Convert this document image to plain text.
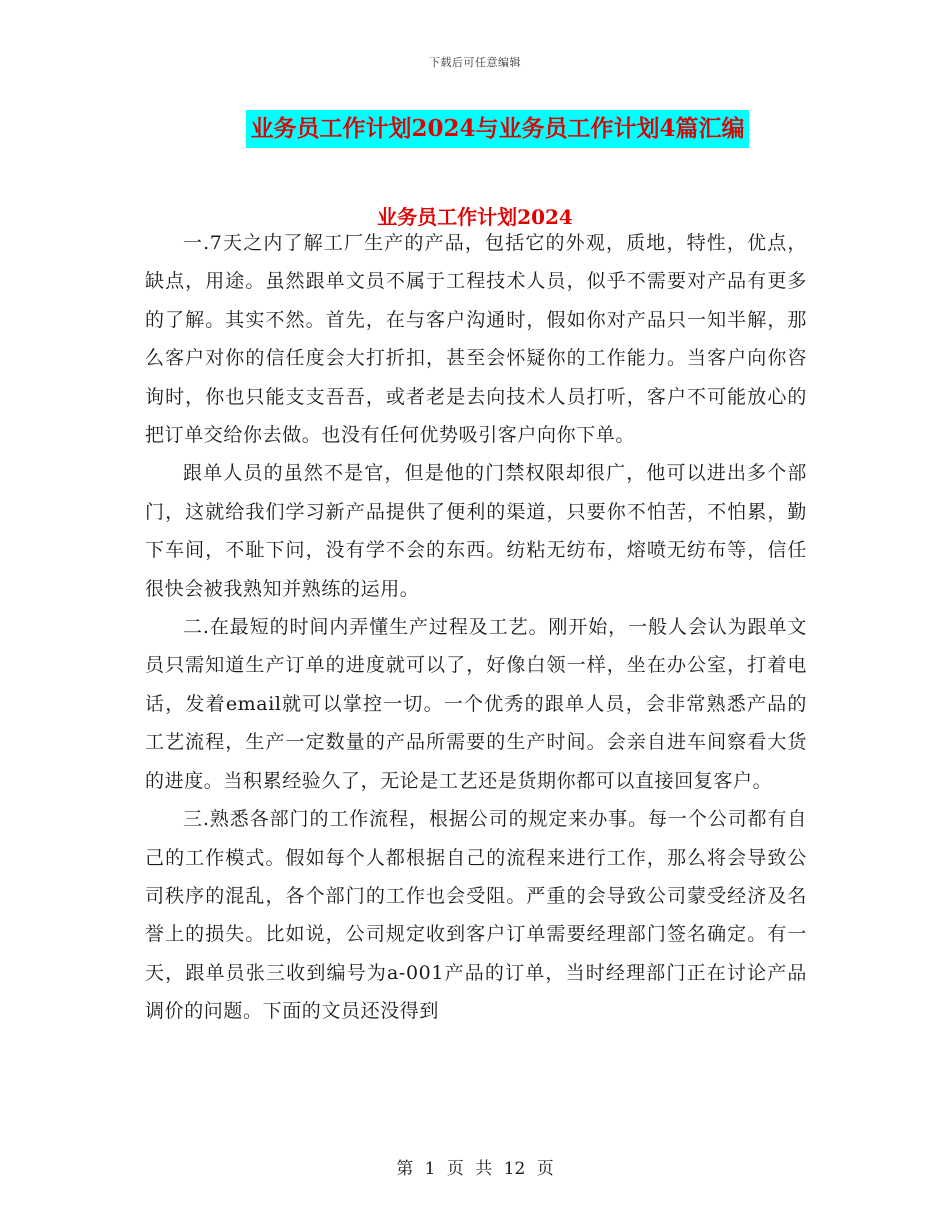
下载后可任意编辑
业务员工作计划2024与业务员工作计划4篇汇编
业务员工作计划2024

一.7天之内了解工厂生产的产品，包括它的外观，质地，特性，优点，缺点，用途。虽然跟单文员不属于工程技术人员，似乎不需要对产品有更多的了解。其实不然。首先，在与客户沟通时，假如你对产品只一知半解，那么客户对你的信任度会大打折扣，甚至会怀疑你的工作能力。当客户向你咨询时，你也只能支支吾吾，或者老是去向技术人员打听，客户不可能放心的把订单交给你去做。也没有任何优势吸引客户向你下单。

跟单人员的虽然不是官，但是他的门禁权限却很广，他可以进出多个部门，这就给我们学习新产品提供了便利的渠道，只要你不怕苦，不怕累，勤下车间，不耻下问，没有学不会的东西。纺粘无纺布，熔喷无纺布等，信任很快会被我熟知并熟练的运用。

二.在最短的时间内弄懂生产过程及工艺。刚开始，一般人会认为跟单文员只需知道生产订单的进度就可以了，好像白领一样，坐在办公室，打着电话，发着email就可以掌控一切。一个优秀的跟单人员，会非常熟悉产品的工艺流程，生产一定数量的产品所需要的生产时间。会亲自进车间察看大货的进度。当积累经验久了，无论是工艺还是货期你都可以直接回复客户。

三.熟悉各部门的工作流程，根据公司的规定来办事。每一个公司都有自己的工作模式。假如每个人都根据自己的流程来进行工作，那么将会导致公司秩序的混乱，各个部门的工作也会受阻。严重的会导致公司蒙受经济及名誉上的损失。比如说，公司规定收到客户订单需要经理部门签名确定。有一天，跟单员张三收到编号为a-001产品的订单，当时经理部门正在讨论产品调价的问题。下面的文员还没得到

第 1 页 共 12 页
